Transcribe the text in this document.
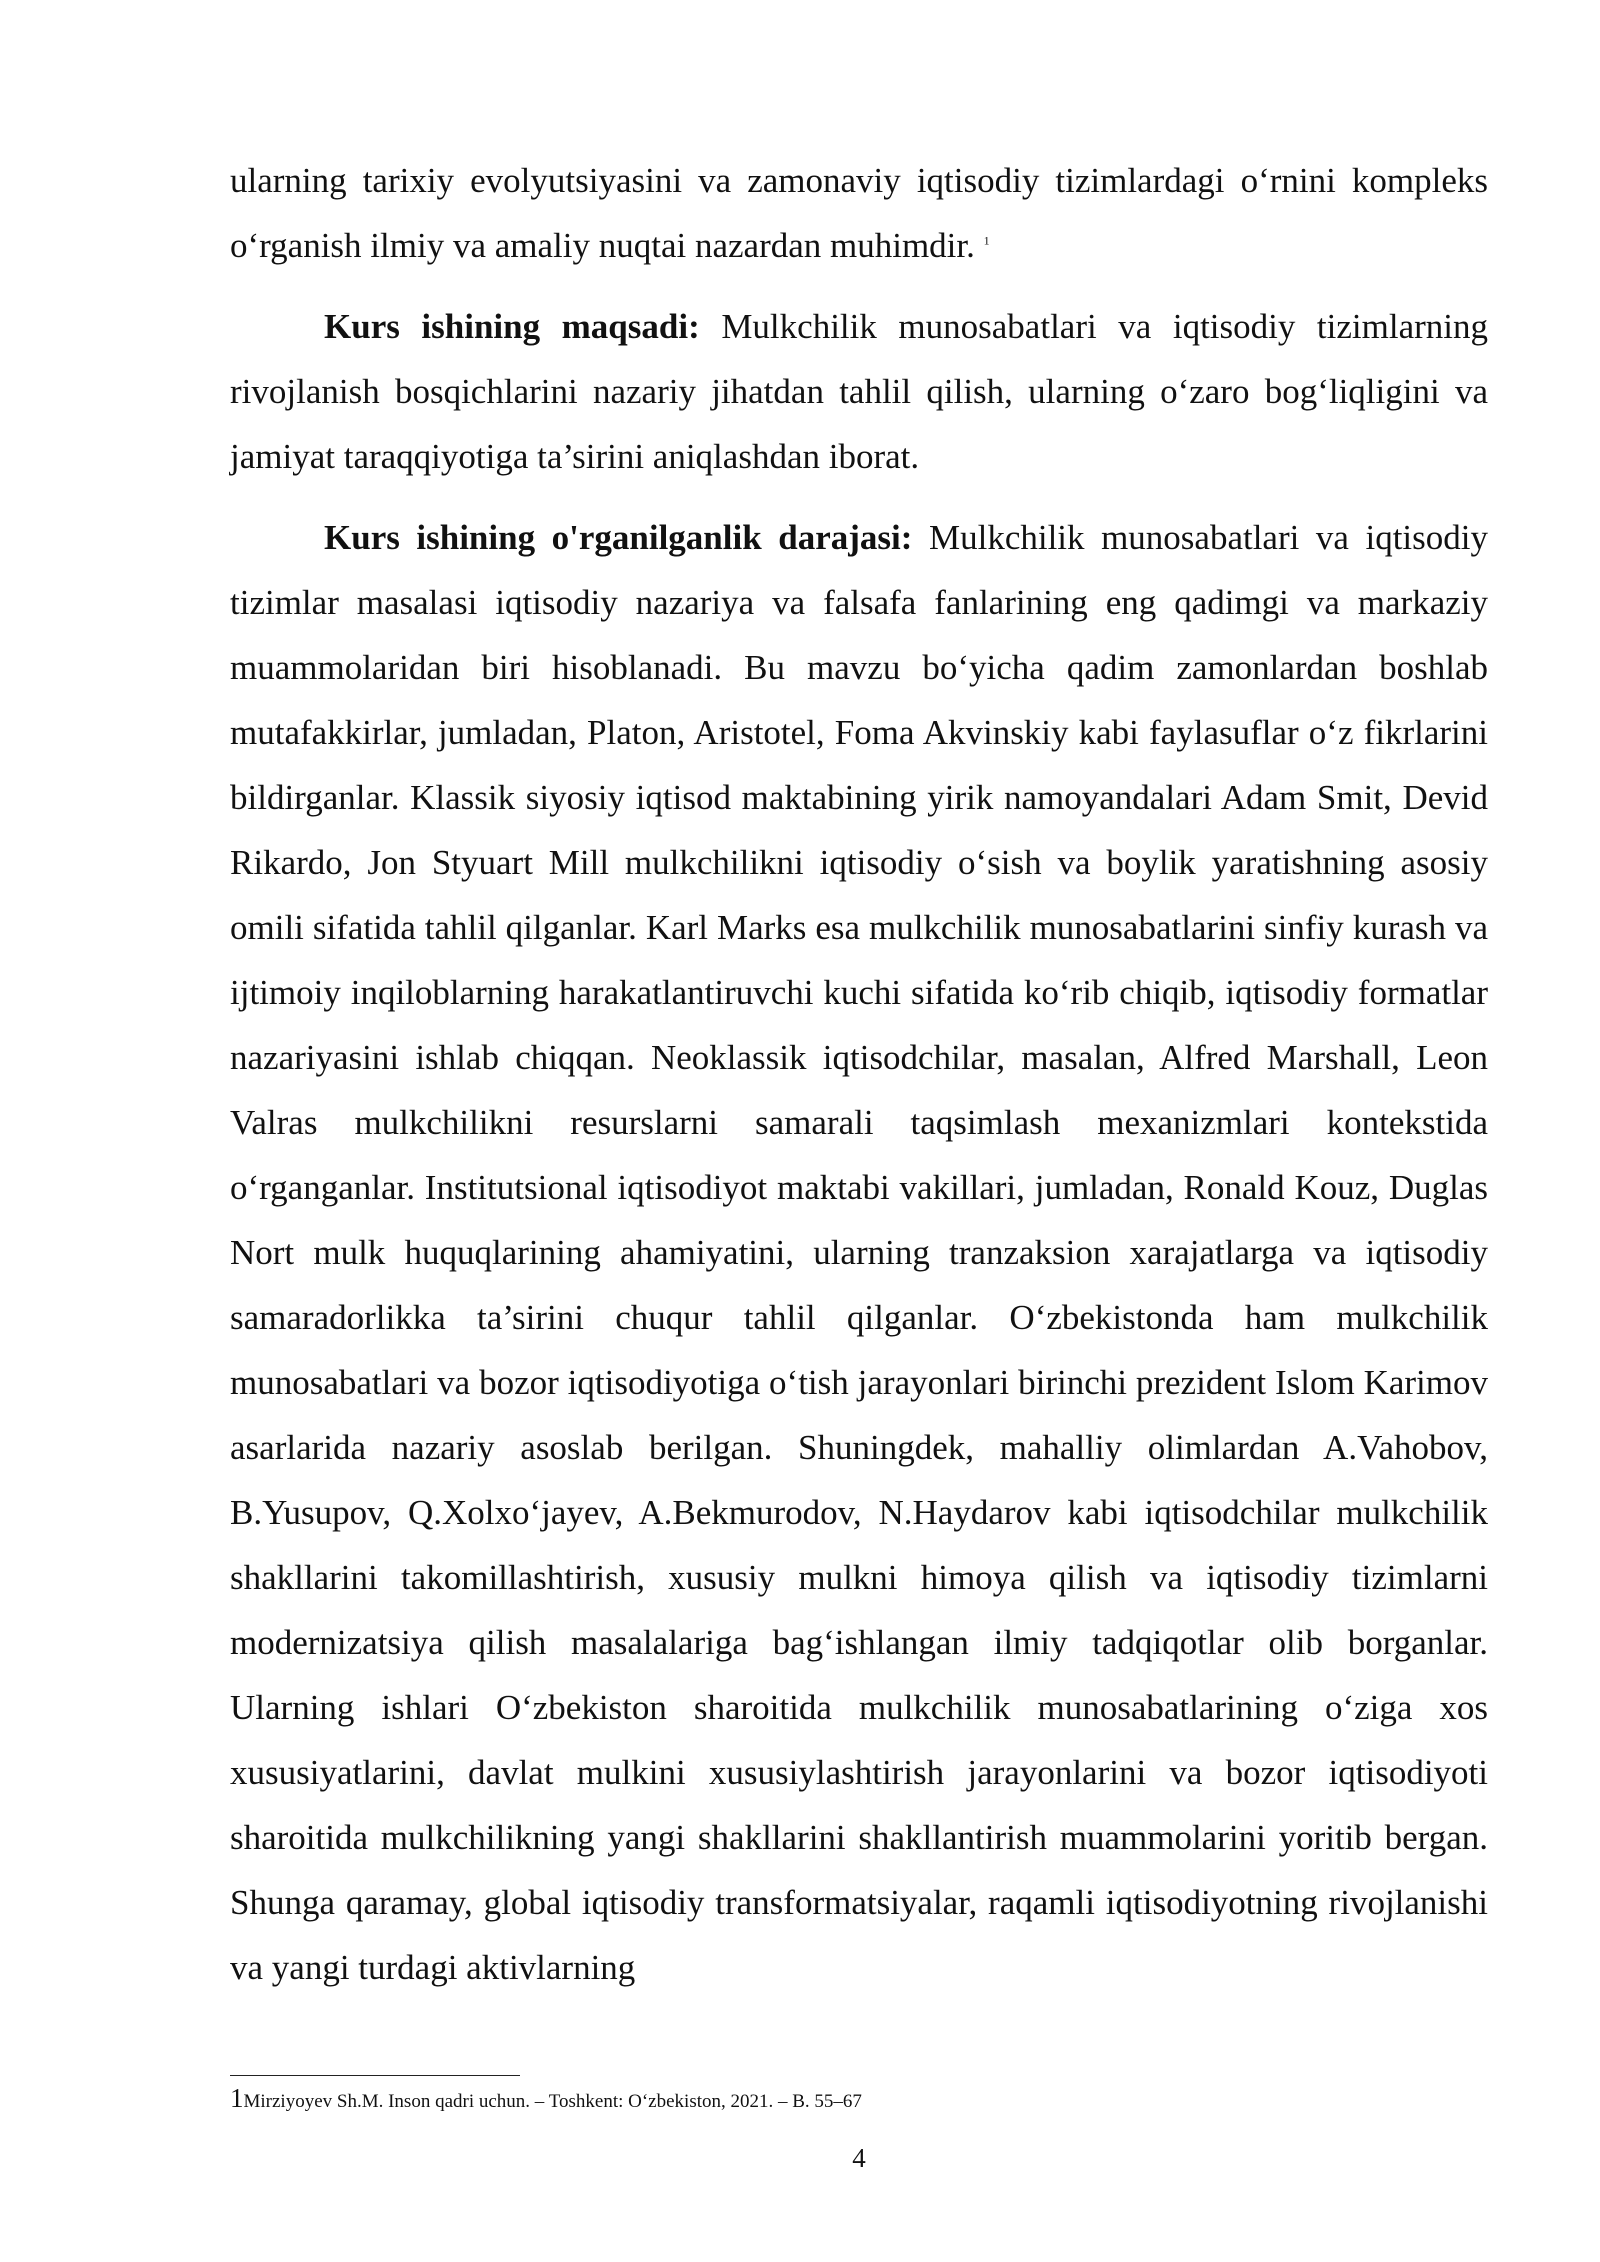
ularning tarixiy evolyutsiyasini va zamonaviy iqtisodiy tizimlardagi o‘rnini kompleks o‘rganish ilmiy va amaliy nuqtai nazardan muhimdir. $^1$

Kurs ishining maqsadi: Mulkchilik munosabatlari va iqtisodiy tizimlarning rivojlanish bosqichlarini nazariy jihatdan tahlil qilish, ularning o‘zaro bog‘liqligini va jamiyat taraqqiyotiga ta’sirini aniqlashdan iborat.

Kurs ishining o'rganilganlik darajasi: Mulkchilik munosabatlari va iqtisodiy tizimlar masalasi iqtisodiy nazariya va falsafa fanlarining eng qadimgi va markaziy muammolaridan biri hisoblanadi. Bu mavzu bo‘yicha qadim zamonlardan boshlab mutafakkirlar, jumladan, Platon, Aristotel, Foma Akvinskiy kabi faylasuflar o‘z fikrlarini bildirganlar. Klassik siyosiy iqtisod maktabining yirik namoyandalari Adam Smit, Devid Rikardo, Jon Styuart Mill mulkchilikni iqtisodiy o‘sish va boylik yaratishning asosiy omili sifatida tahlil qilganlar. Karl Marks esa mulkchilik munosabatlarini sinfiy kurash va ijtimoiy inqiloblarning harakatlantiruvchi kuchi sifatida ko‘rib chiqib, iqtisodiy formatlar nazariyasini ishlab chiqqan. Neoklassik iqtisodchilar, masalan, Alfred Marshall, Leon Valras mulkchilikni resurslarni samarali taqsimlash mexanizmlari kontekstida o‘rganganlar. Institutsional iqtisodiyot maktabi vakillari, jumladan, Ronald Kouz, Duglas Nort mulk huquqlarining ahamiyatini, ularning tranzaksion xarajatlarga va iqtisodiy samaradorlikka ta’sirini chuqur tahlil qilganlar. O‘zbekistonda ham mulkchilik munosabatlari va bozor iqtisodiyotiga o‘tish jarayonlari birinchi prezident Islom Karimov asarlarida nazariy asoslab berilgan. Shuningdek, mahalliy olimlardan A.Vahobov, B.Yusupov, Q.Xolxo‘jayev, A.Bekmurodov, N.Haydarov kabi iqtisodchilar mulkchilik shakllarini takomillashtirish, xususiy mulkni himoya qilish va iqtisodiy tizimlarni modernizatsiya qilish masalalariga bag‘ishlangan ilmiy tadqiqotlar olib borganlar. Ularning ishlari O‘zbekiston sharoitida mulkchilik munosabatlarining o‘ziga xos xususiyatlarini, davlat mulkini xususiylashtirish jarayonlarini va bozor iqtisodiyoti sharoitida mulkchilikning yangi shakllarini shakllantirish muammolarini yoritib bergan. Shunga qaramay, global iqtisodiy transformatsiyalar, raqamli iqtisodiyotning rivojlanishi va yangi turdagi aktivlarning

1Mirziyoyev Sh.M. Inson qadri uchun. – Toshkent: O‘zbekiston, 2021. – B. 55–67
4
